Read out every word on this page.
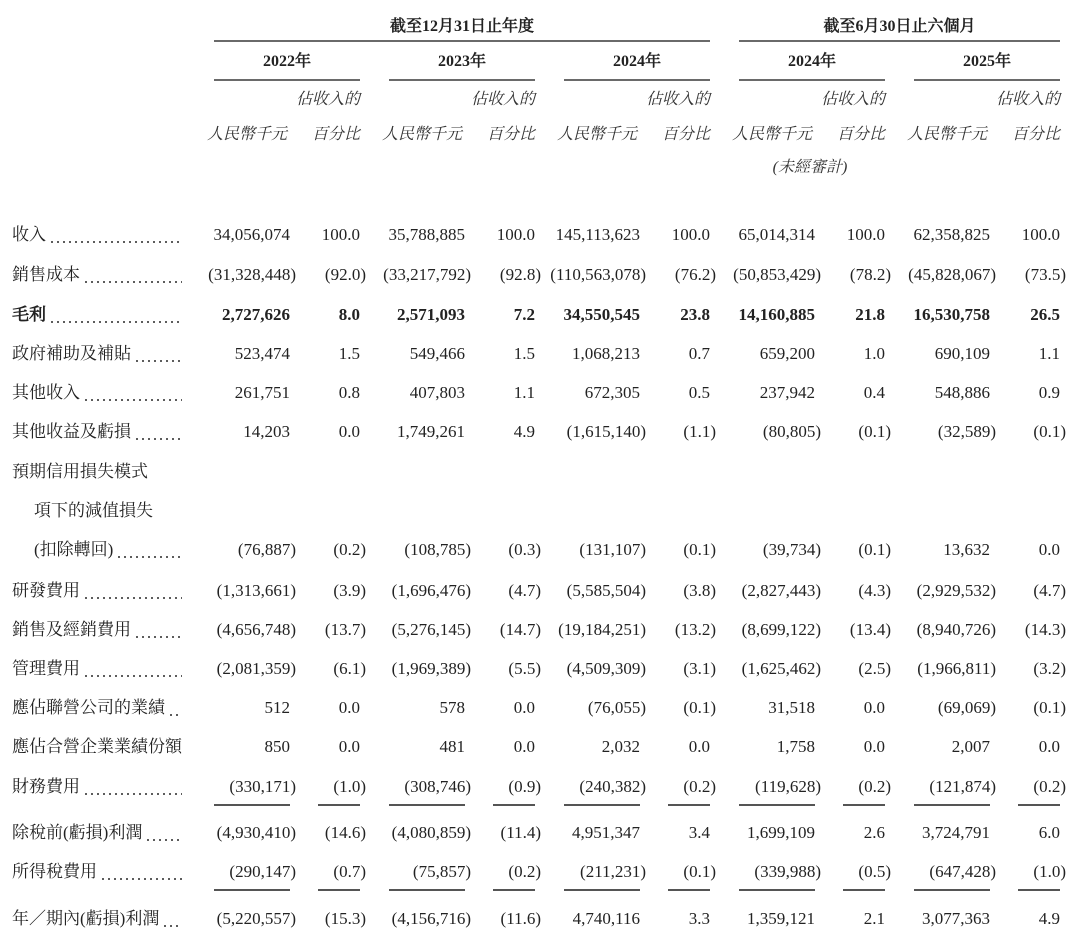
截至12月31日止年度	截至6月30日止六個月
2022年
佔收入的
人民幣千元 百分比
2023年
佔收入的
人民幣千元 百分比
2024年
佔收入的
人民幣千元 百分比
2024年
佔收入的
人民幣千元 百分比
2025年
佔收入的
人民幣千元 百分比
(未經審計)
收入	34,056,074	100.0	35,788,885	100.0	145,113,623	100.0	65,014,314	100.0	62,358,825	100.0
銷售成本	(31,328,448) (92.0) (33,217,792) (92.8) (110,563,078) (76.2) (50,853,429) (78.2) (45,828,067) (73.5)
毛利	2,727,626	8.0	2,571,093	7.2	34,550,545	23.8	14,160,885	21.8	16,530,758	26.5
政府補助及補貼	523,474	1.5	549,466	1.5	1,068,213	0.7	659,200	1.0	690,109	1.1
其他收入	261,751	0.8	407,803	1.1	672,305	0.5	237,942	0.4	548,886	0.9
其他收益及虧損	14,203	0.0	1,749,261	4.9	(1,615,140) (1.1)	(80,805) (0.1)	(32,589) (0.1)
預期信用損失模式
項下的減值損失
(扣除轉回)	(76,887) (0.2) (108,785) (0.3) (131,107) (0.1)	(39,734) (0.1)	13,632	0.0
研發費用	(1,313,661) (3.9) (1,696,476) (4.7) (5,585,504) (3.8) (2,827,443) (4.3) (2,929,532) (4.7)
銷售及經銷費用	(4,656,748) (13.7) (5,276,145) (14.7) (19,184,251) (13.2) (8,699,122) (13.4) (8,940,726) (14.3)
管理費用	(2,081,359) (6.1) (1,969,389) (5.5) (4,509,309) (3.1) (1,625,462) (2.5) (1,966,811) (3.2)
應佔聯營公司的業績	512	0.0	578	0.0	(76,055) (0.1)	31,518	0.0	(69,069) (0.1)
應佔合營企業業績份額	850	0.0	481	0.0	2,032	0.0	1,758	0.0	2,007	0.0
財務費用	(330,171) (1.0) (308,746) (0.9) (240,382) (0.2) (119,628) (0.2) (121,874) (0.2)
除稅前(虧損)利潤	(4,930,410) (14.6) (4,080,859) (11.4) 4,951,347	3.4	1,699,109	2.6	3,724,791	6.0
所得稅費用	(290,147) (0.7)	(75,857) (0.2) (211,231) (0.1) (339,988) (0.5) (647,428) (1.0)
年／期內(虧損)利潤	(5,220,557) (15.3) (4,156,716) (11.6) 4,740,116	3.3	1,359,121	2.1	3,077,363	4.9
